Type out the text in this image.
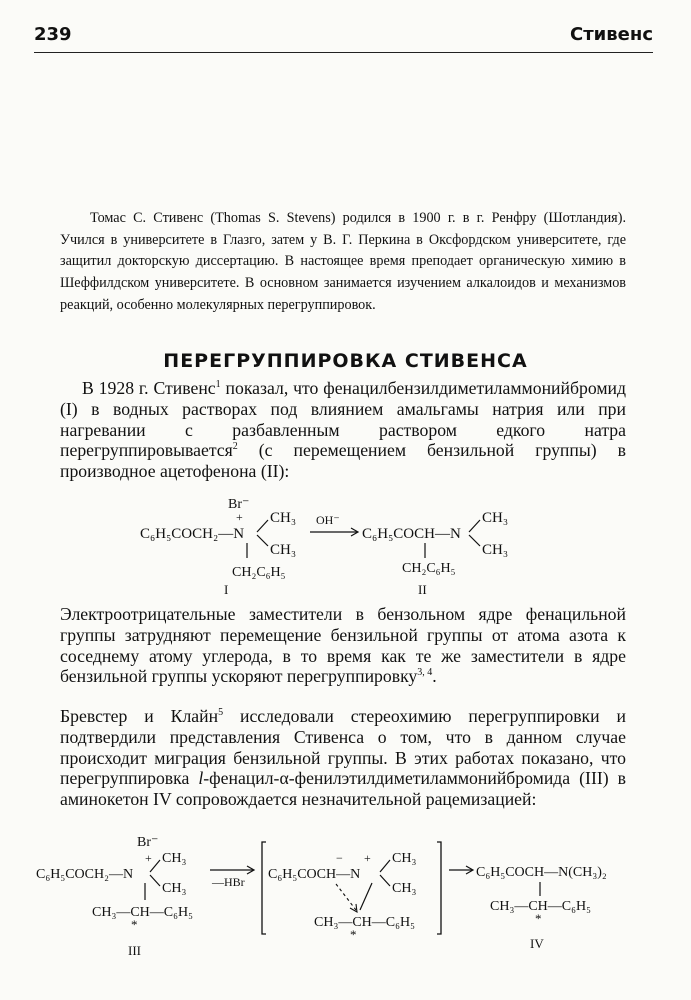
239	Стивенс

Томас С. Стивенс (Thomas S. Stevens) родился в 1900 г. в г. Ренфру (Шотландия). Учился в университете в Глазго, затем у В. Г. Перкина в Оксфордском университете, где защитил докторскую диссертацию. В настоящее время преподает органическую химию в Шеффилдском университете. В основном занимается изучением алкалоидов и механизмов реакций, особенно молекулярных перегруппировок.

ПЕРЕГРУППИРОВКА СТИВЕНСА

В 1928 г. Стивенс$^1$ показал, что фенацилбензилдиметиламмонийбромид (I) в водных растворах под влиянием амальгамы натрия или при нагревании с разбавленным раствором едкого натра перегруппировывается$^2$ (с перемещением бензильной группы) в производное ацетофенона (II):

Br⁻
+
C₆H₅COCH₂—N
CH₃
CH₃
CH₂C₆H₅
OH⁻
C₆H₅COCH—N
CH₃
CH₃
CH₂C₆H₅
I	II

Электроотрицательные заместители в бензольном ядре фенацильной группы затрудняют перемещение бензильной группы от атома азота к соседнему атому углерода, в то время как те же заместители в ядре бензильной группы ускоряют перегруппировку$^{3, 4}$.

Бревстер и Клайн$^5$ исследовали стереохимию перегруппировки и подтвердили представления Стивенса о том, что в данном случае происходит миграция бензильной группы. В этих работах показано, что перегруппировка l-фенацил-α-фенилэтилдиметиламмонийбромида (III) в аминокетон IV сопровождается незначительной рацемизацией:

Br⁻
+
C₆H₅COCH₂—N
CH₃
CH₃
CH₃—CH—C₆H₅
*
III
—HBr C₆H₅COCH—N
− + CH₃
CH₃
CH₃—CH—C₆H₅
*
C₆H₅COCH—N(CH₃)₂
CH₃—CH—C₆H₅
*
IV
